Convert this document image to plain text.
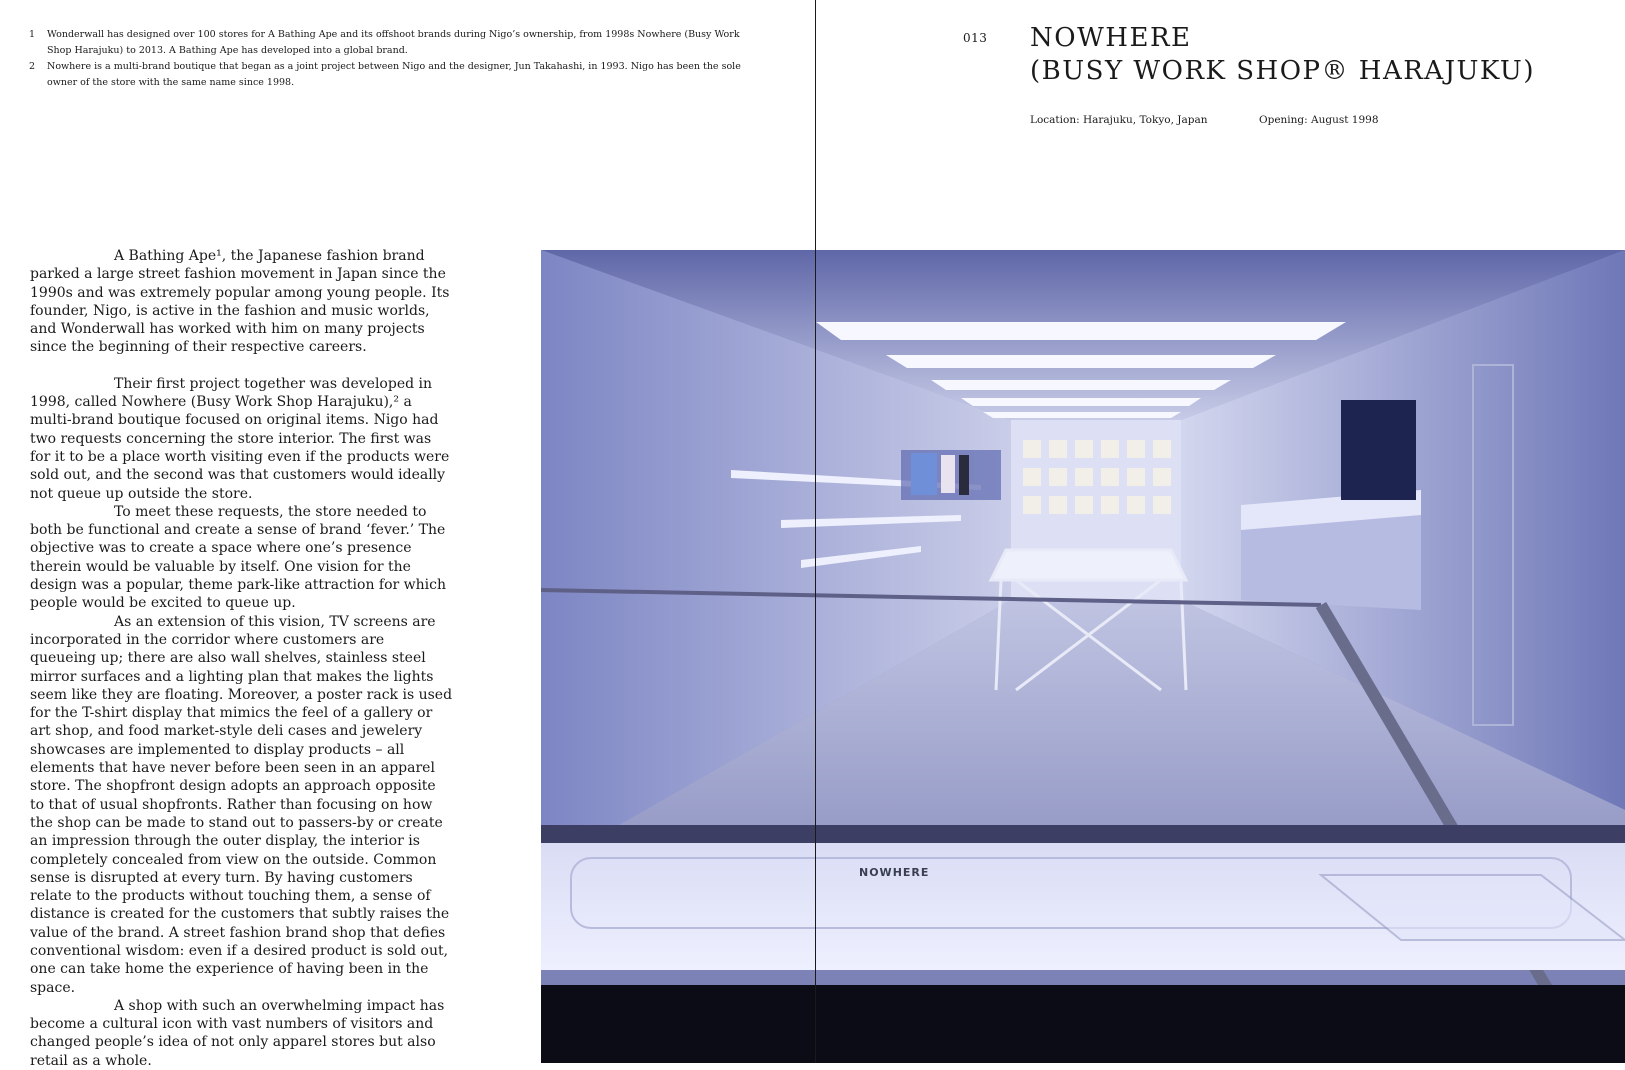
1	Wonderwall has designed over 100 stores for A Bathing Ape and its offshoot brands during Nigo’s ownership, from 1998s Nowhere (Busy Work Shop Harajuku) to 2013. A Bathing Ape has developed into a global brand.
2	Nowhere is a multi-brand boutique that began as a joint project between Nigo and the designer, Jun Takahashi, in 1993. Nigo has been the sole owner of the store with the same name since 1998.

A Bathing Ape¹, the Japanese fashion brand parked a large street fashion movement in Japan since the 1990s and was extremely popular among young people. Its founder, Nigo, is active in the fashion and music worlds, and Wonderwall has worked with him on many projects since the beginning of their respective careers.

Their first project together was developed in 1998, called Nowhere (Busy Work Shop Harajuku),² a multi-brand boutique focused on original items. Nigo had two requests concerning the store interior. The first was for it to be a place worth visiting even if the products were sold out, and the second was that customers would ideally not queue up outside the store.

To meet these requests, the store needed to both be functional and create a sense of brand ‘fever.’ The objective was to create a space where one’s presence therein would be valuable by itself. One vision for the design was a popular, theme park-like attraction for which people would be excited to queue up.

As an extension of this vision, TV screens are incorporated in the corridor where customers are queueing up; there are also wall shelves, stainless steel mirror surfaces and a lighting plan that makes the lights seem like they are floating. Moreover, a poster rack is used for the T-shirt display that mimics the feel of a gallery or art shop, and food market-style deli cases and jewelery showcases are implemented to display products – all elements that have never before been seen in an apparel store. The shopfront design adopts an approach opposite to that of usual shopfronts. Rather than focusing on how the shop can be made to stand out to passers-by or create an impression through the outer display, the interior is completely concealed from view on the outside. Common sense is disrupted at every turn. By having customers relate to the products without touching them, a sense of distance is created for the customers that subtly raises the value of the brand. A street fashion brand shop that defies conventional wisdom: even if a desired product is sold out, one can take home the experience of having been in the space.

A shop with such an overwhelming impact has become a cultural icon with vast numbers of visitors and changed people’s idea of not only apparel stores but also retail as a whole.

013 NOWHERE
(BUSY WORK SHOP® HARAJUKU)
Location: Harajuku, Tokyo, Japan	Opening: August 1998
NOWHERE
